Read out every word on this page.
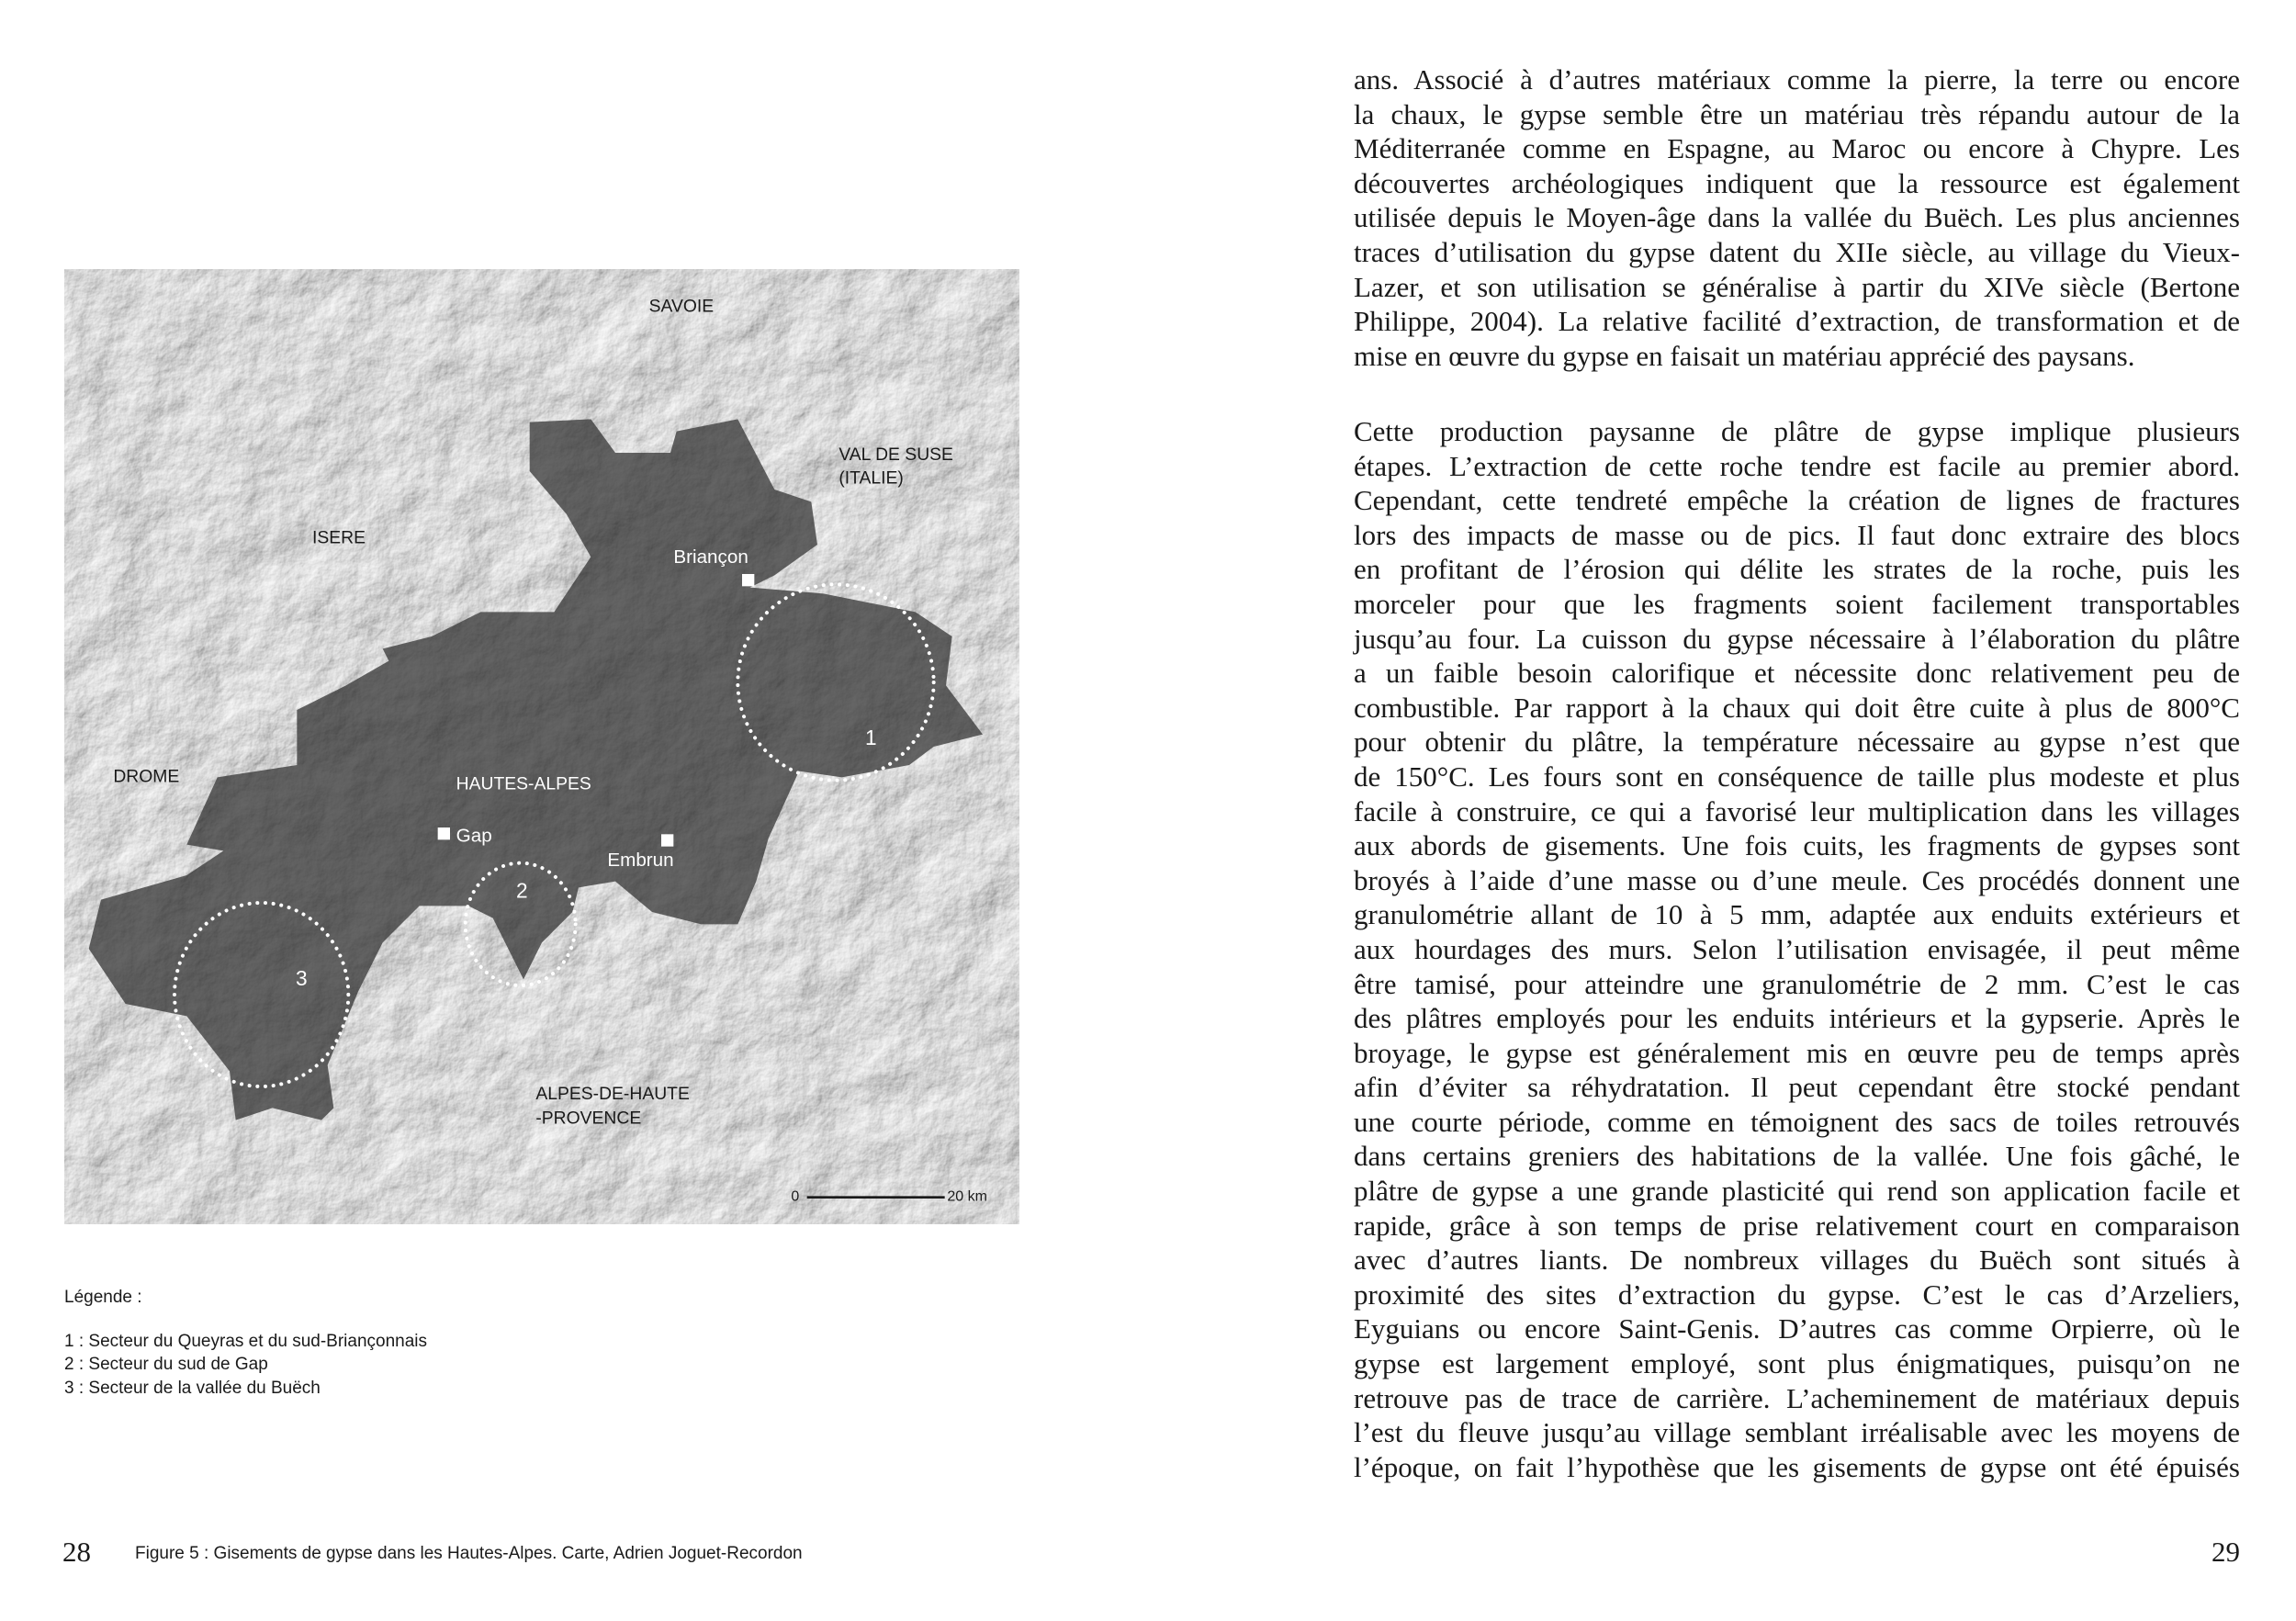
SAVOIE
VAL DE SUSE
(ITALIE)
ISERE
DROME
ALPES-DE-HAUTE
-PROVENCE
0	20 km
HAUTES-ALPES
Briançon
Gap
Embrun
1
2
3
Légende :
1 : Secteur du Queyras et du sud-Briançonnais
2 : Secteur du sud de Gap
3 : Secteur de la vallée du Buëch
28	Figure 5 : Gisements de gypse dans les Hautes-Alpes. Carte, Adrien Joguet-Recordon
ans. Associé à d’autres matériaux comme la pierre, la terre ou encore
la chaux, le gypse semble être un matériau très répandu autour de la
Méditerranée comme en Espagne, au Maroc ou encore à Chypre. Les
découvertes archéologiques indiquent que la ressource est également
utilisée depuis le Moyen-âge dans la vallée du Buëch. Les plus anciennes
traces d’utilisation du gypse datent du XIIe siècle, au village du Vieux-
Lazer, et son utilisation se généralise à partir du XIVe siècle (Bertone
Philippe, 2004). La relative facilité d’extraction, de transformation et de
mise en œuvre du gypse en faisait un matériau apprécié des paysans.
Cette production paysanne de plâtre de gypse implique plusieurs
étapes. L’extraction de cette roche tendre est facile au premier abord.
Cependant, cette tendreté empêche la création de lignes de fractures
lors des impacts de masse ou de pics. Il faut donc extraire des blocs
en profitant de l’érosion qui délite les strates de la roche, puis les
morceler pour que les fragments soient facilement transportables
jusqu’au four. La cuisson du gypse nécessaire à l’élaboration du plâtre
a un faible besoin calorifique et nécessite donc relativement peu de
combustible. Par rapport à la chaux qui doit être cuite à plus de 800°C
pour obtenir du plâtre, la température nécessaire au gypse n’est que
de 150°C. Les fours sont en conséquence de taille plus modeste et plus
facile à construire, ce qui a favorisé leur multiplication dans les villages
aux abords de gisements. Une fois cuits, les fragments de gypses sont
broyés à l’aide d’une masse ou d’une meule. Ces procédés donnent une
granulométrie allant de 10 à 5 mm, adaptée aux enduits extérieurs et
aux hourdages des murs. Selon l’utilisation envisagée, il peut même
être tamisé, pour atteindre une granulométrie de 2 mm. C’est le cas
des plâtres employés pour les enduits intérieurs et la gypserie. Après le
broyage, le gypse est généralement mis en œuvre peu de temps après
afin d’éviter sa réhydratation. Il peut cependant être stocké pendant
une courte période, comme en témoignent des sacs de toiles retrouvés
dans certains greniers des habitations de la vallée. Une fois gâché, le
plâtre de gypse a une grande plasticité qui rend son application facile et
rapide, grâce à son temps de prise relativement court en comparaison
avec d’autres liants. De nombreux villages du Buëch sont situés à
proximité des sites d’extraction du gypse. C’est le cas d’Arzeliers,
Eyguians ou encore Saint-Genis. D’autres cas comme Orpierre, où le
gypse est largement employé, sont plus énigmatiques, puisqu’on ne
retrouve pas de trace de carrière. L’acheminement de matériaux depuis
l’est du fleuve jusqu’au village semblant irréalisable avec les moyens de
l’époque, on fait l’hypothèse que les gisements de gypse ont été épuisés
29
